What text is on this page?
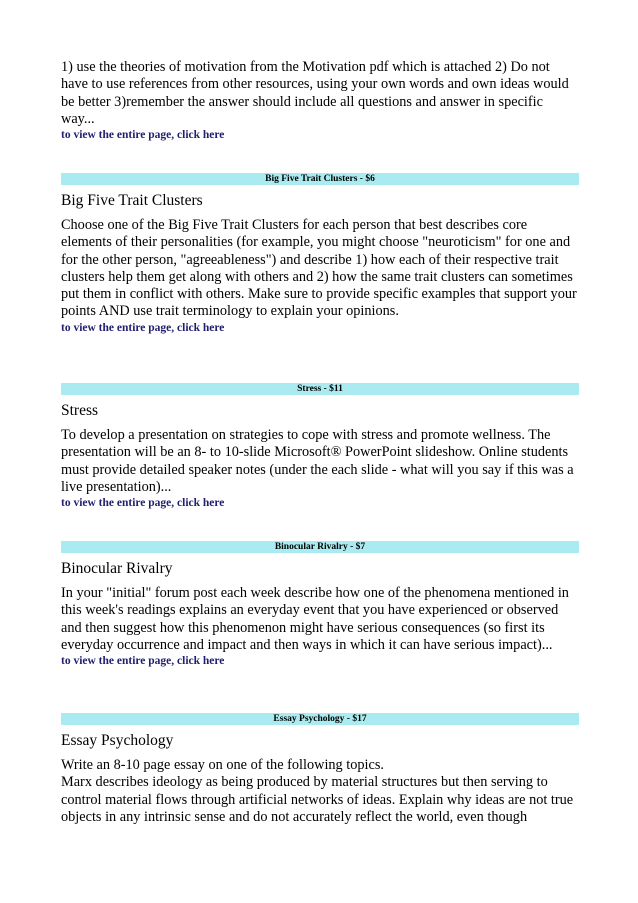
1) use the theories of motivation from the Motivation pdf which is attached 2) Do not have to use references from other resources, using your own words and own ideas would be better 3)remember the answer should include all questions and answer in specific way...
to view the entire page, click here
Big Five Trait Clusters - $6
Big Five Trait Clusters
Choose one of the Big Five Trait Clusters for each person that best describes core elements of their personalities (for example, you might choose "neuroticism" for one and for the other person, "agreeableness") and describe 1) how each of their respective trait clusters help them get along with others and 2) how the same trait clusters can sometimes put them in conflict with others. Make sure to provide specific examples that support your points AND use trait terminology to explain your opinions.
to view the entire page, click here
Stress - $11
Stress
To develop a presentation on strategies to cope with stress and promote wellness. The presentation will be an 8- to 10-slide Microsoft® PowerPoint slideshow. Online students must provide detailed speaker notes (under the each slide - what will you say if this was a live presentation)...
to view the entire page, click here
Binocular Rivalry - $7
Binocular Rivalry
In your "initial" forum post each week describe how one of the phenomena mentioned in this week's readings explains an everyday event that you have experienced or observed and then suggest how this phenomenon might have serious consequences (so first its everyday occurrence and impact and then ways in which it can have serious impact)...
to view the entire page, click here
Essay Psychology - $17
Essay Psychology

Write an 8-10 page essay on one of the following topics.

Marx describes ideology as being produced by material structures but then serving to control material flows through artificial networks of ideas. Explain why ideas are not true objects in any intrinsic sense and do not accurately reflect the world, even though
